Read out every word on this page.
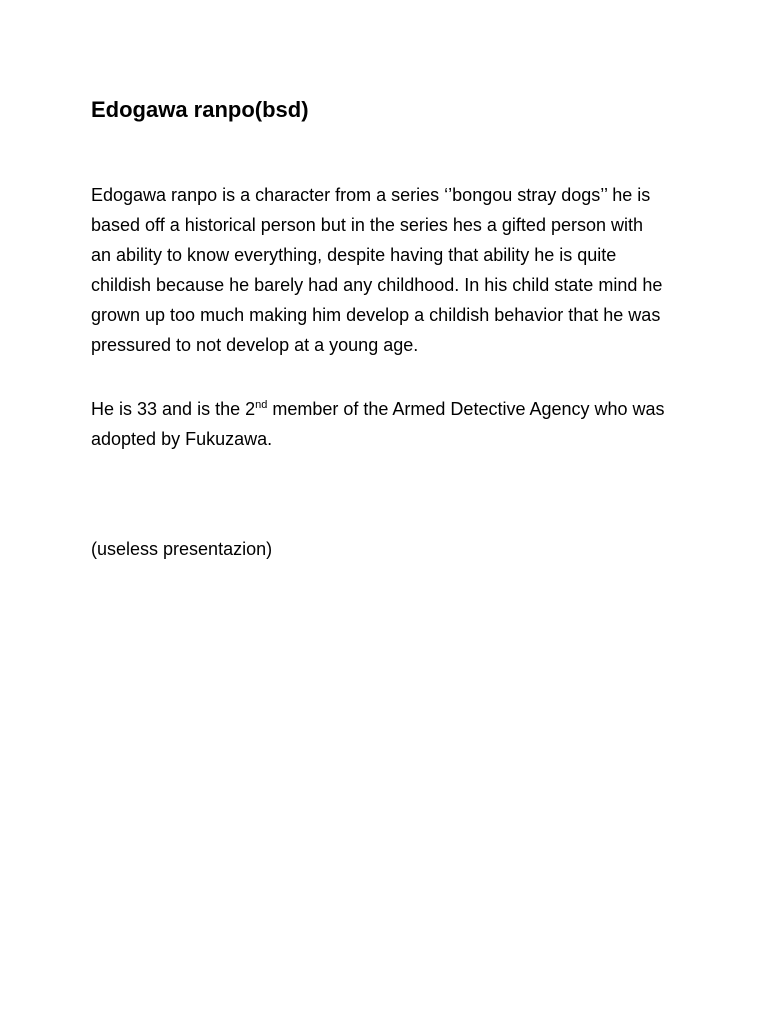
Edogawa ranpo(bsd)

Edogawa ranpo is a character from a series ‘’bongou stray dogs’’ he is
based off a historical person but in the series hes a gifted person with
an ability to know everything, despite having that ability he is quite
childish because he barely had any childhood. In his child state mind he
grown up too much making him develop a childish behavior that he was
pressured to not develop at a young age.

He is 33 and is the 2nd member of the Armed Detective Agency who was
adopted by Fukuzawa.

(useless presentazion)
